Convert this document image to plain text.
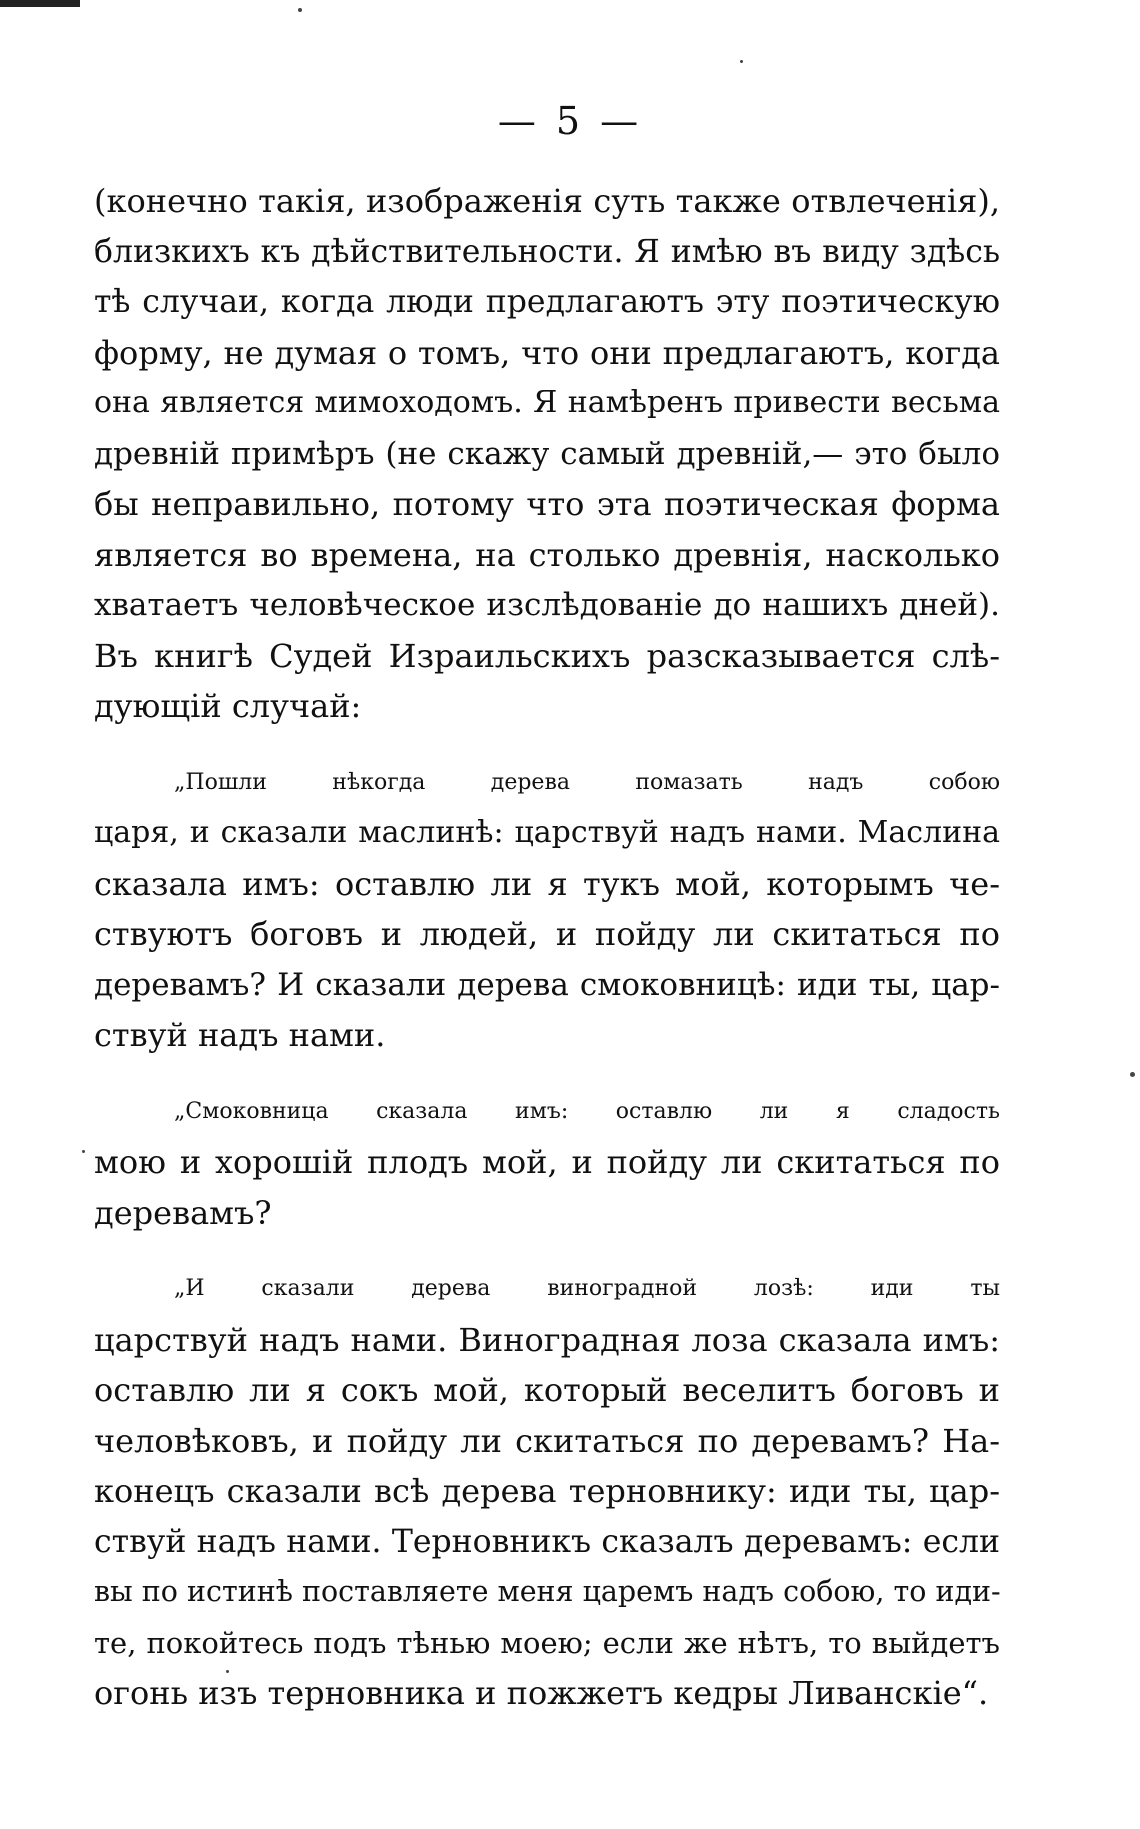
— 5 —
(конечно такія, изображенія суть также отвлеченія),
близкихъ къ дѣйствительности. Я имѣю въ виду здѣсь
тѣ случаи, когда люди предлагаютъ эту поэтическую
форму, не думая о томъ, что они предлагаютъ, когда
она является мимоходомъ. Я намѣренъ привести весьма
древній примѣръ (не скажу самый древній,— это было
бы неправильно, потому что эта поэтическая форма
является во времена, на столько древнія, насколько
хватаетъ человѣческое изслѣдованіе до нашихъ дней).
Въ книгѣ Судей Израильскихъ разсказывается слѣ-
дующій случай:
„Пошли нѣкогда дерева помазать надъ собою
царя, и сказали маслинѣ: царствуй надъ нами. Маслина
сказала имъ: оставлю ли я тукъ мой, которымъ че-
ствуютъ боговъ и людей, и пойду ли скитаться по
деревамъ? И сказали дерева смоковницѣ: иди ты, цар-
ствуй надъ нами.
„Смоковница сказала имъ: оставлю ли я сладость
мою и хорошій плодъ мой, и пойду ли скитаться по
деревамъ?
„И сказали дерева виноградной лозѣ: иди ты
царствуй надъ нами. Виноградная лоза сказала имъ:
оставлю ли я сокъ мой, который веселитъ боговъ и
человѣковъ, и пойду ли скитаться по деревамъ? На-
конецъ сказали всѣ дерева терновнику: иди ты, цар-
ствуй надъ нами. Терновникъ сказалъ деревамъ: если
вы по истинѣ поставляете меня царемъ надъ собою, то иди-
те, покойтесь подъ тѣнью моею; если же нѣтъ, то выйдетъ
огонь изъ терновника и пожжетъ кедры Ливанскіе“.
